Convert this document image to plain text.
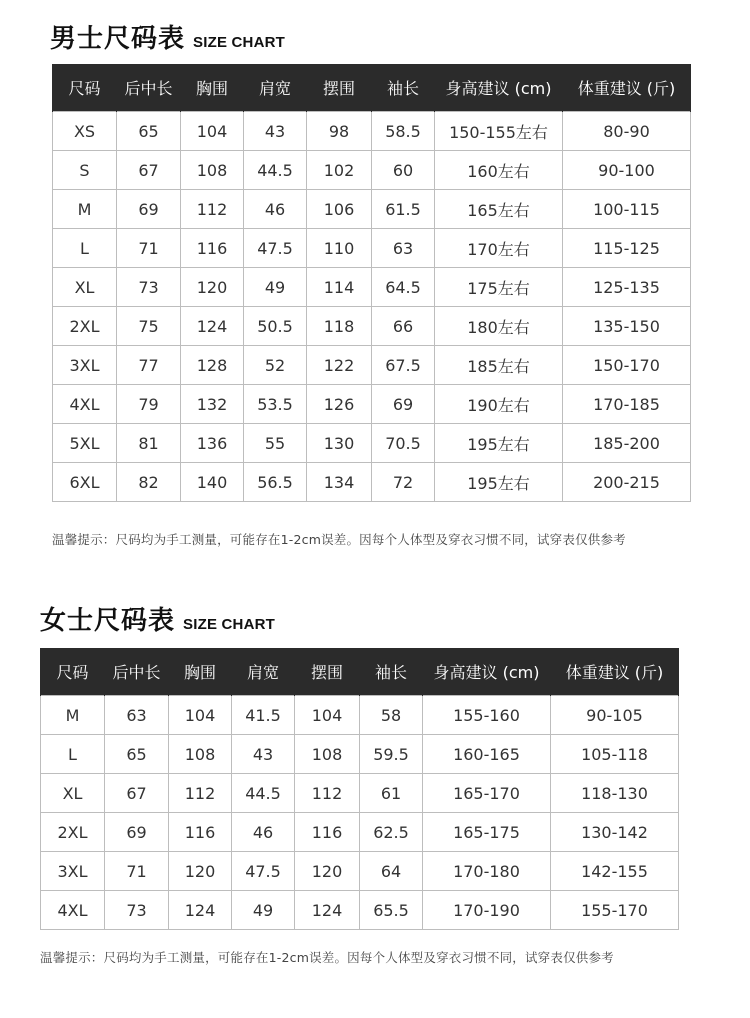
男士尺码表 SIZE CHART
尺码	后中长	胸围	肩宽	摆围	袖长	身高建议 (cm)	体重建议 (斤)
XS	65	104	43	98	58.5	150-155左右	80-90
S	67	108	44.5	102	60	160左右	90-100
M	69	112	46	106	61.5	165左右	100-115
L	71	116	47.5	110	63	170左右	115-125
XL	73	120	49	114	64.5	175左右	125-135
2XL	75	124	50.5	118	66	180左右	135-150
3XL	77	128	52	122	67.5	185左右	150-170
4XL	79	132	53.5	126	69	190左右	170-185
5XL	81	136	55	130	70.5	195左右	185-200
6XL	82	140	56.5	134	72	195左右	200-215
温馨提示：尺码均为手工测量，可能存在1-2cm误差。因每个人体型及穿衣习惯不同，试穿表仅供参考
女士尺码表 SIZE CHART
尺码	后中长	胸围	肩宽	摆围	袖长	身高建议 (cm)	体重建议 (斤)
M	63	104	41.5	104	58	155-160	90-105
L	65	108	43	108	59.5	160-165	105-118
XL	67	112	44.5	112	61	165-170	118-130
2XL	69	116	46	116	62.5	165-175	130-142
3XL	71	120	47.5	120	64	170-180	142-155
4XL	73	124	49	124	65.5	170-190	155-170
温馨提示：尺码均为手工测量，可能存在1-2cm误差。因每个人体型及穿衣习惯不同，试穿表仅供参考
